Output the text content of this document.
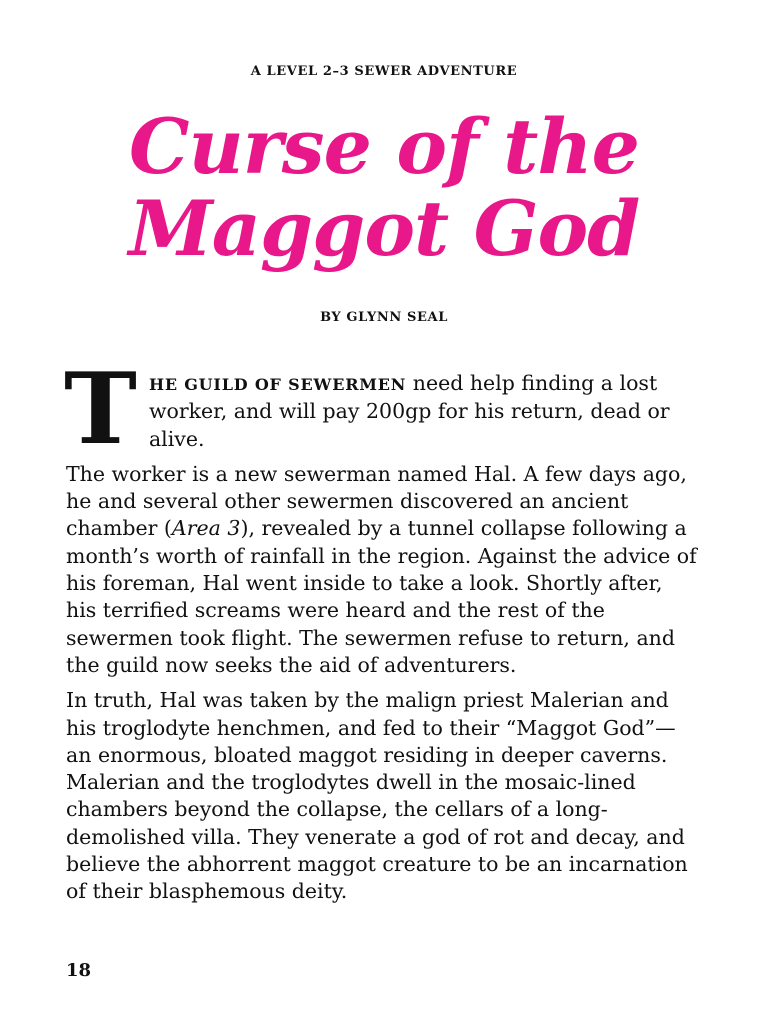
A LEVEL 2–3 SEWER ADVENTURE
Curse of the
Maggot God
BY GLYNN SEAL

THE GUILD OF SEWERMEN need help finding a lost worker, and will pay 200gp for his return, dead or alive.

The worker is a new sewerman named Hal. A few days ago, he and several other sewermen discovered an ancient chamber (Area 3), revealed by a tunnel collapse following a month’s worth of rainfall in the region. Against the advice of his foreman, Hal went inside to take a look. Shortly after, his terrified screams were heard and the rest of the sewermen took flight. The sewermen refuse to return, and the guild now seeks the aid of adventurers.

In truth, Hal was taken by the malign priest Malerian and his troglodyte henchmen, and fed to their “Maggot God”—an enormous, bloated maggot residing in deeper caverns. Malerian and the troglodytes dwell in the mosaic-lined chambers beyond the collapse, the cellars of a long-demolished villa. They venerate a god of rot and decay, and believe the abhorrent maggot creature to be an incarnation of their blasphemous deity.

18
